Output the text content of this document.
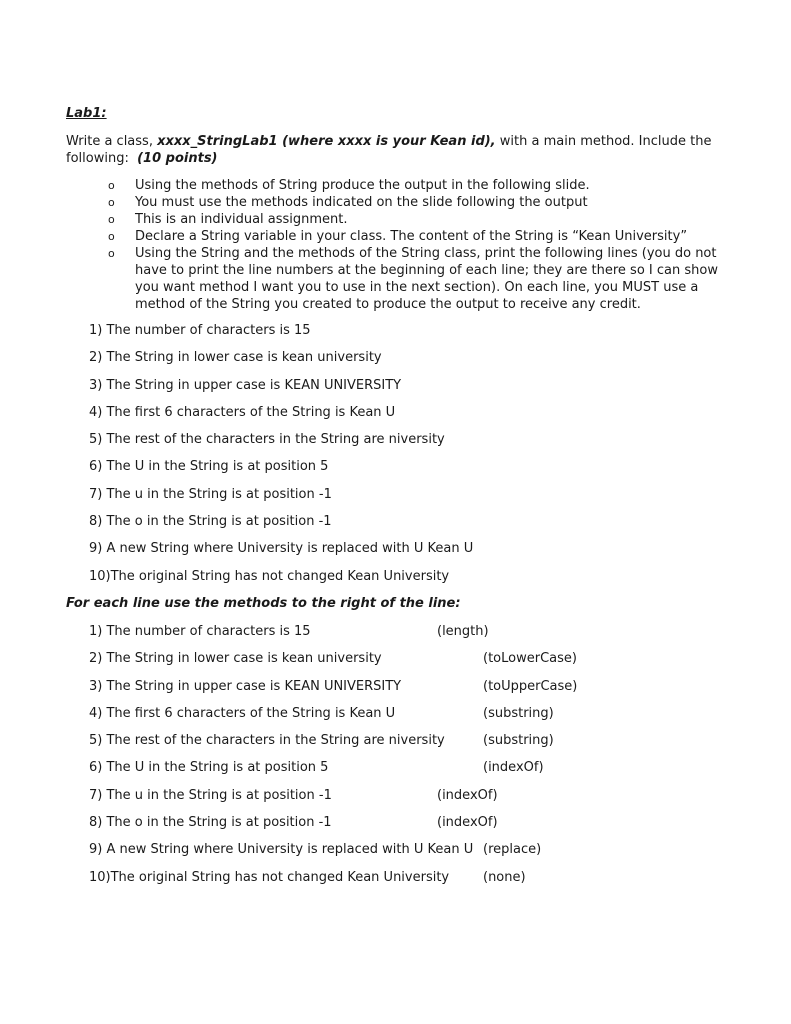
Lab1:
Write a class, xxxx_StringLab1 (where xxxx is your Kean id), with a main method. Include the following: (10 points)
o Using the methods of String produce the output in the following slide.
o You must use the methods indicated on the slide following the output
o This is an individual assignment.
o Declare a String variable in your class. The content of the String is “Kean University”
o Using the String and the methods of the String class, print the following lines (you do not have to print the line numbers at the beginning of each line; they are there so I can show you want method I want you to use in the next section). On each line, you MUST use a method of the String you created to produce the output to receive any credit.
1) The number of characters is 15
2) The String in lower case is kean university
3) The String in upper case is KEAN UNIVERSITY
4) The first 6 characters of the String is Kean U
5) The rest of the characters in the String are niversity
6) The U in the String is at position 5
7) The u in the String is at position -1
8) The o in the String is at position -1
9) A new String where University is replaced with U Kean U
10)The original String has not changed Kean University
For each line use the methods to the right of the line:
1) The number of characters is 15	(length)
2) The String in lower case is kean university	(toLowerCase)
3) The String in upper case is KEAN UNIVERSITY	(toUpperCase)
4) The first 6 characters of the String is Kean U	(substring)
5) The rest of the characters in the String are niversity	(substring)
6) The U in the String is at position 5	(indexOf)
7) The u in the String is at position -1	(indexOf)
8) The o in the String is at position -1	(indexOf)
9) A new String where University is replaced with U Kean U (replace)
10)The original String has not changed Kean University	(none)
